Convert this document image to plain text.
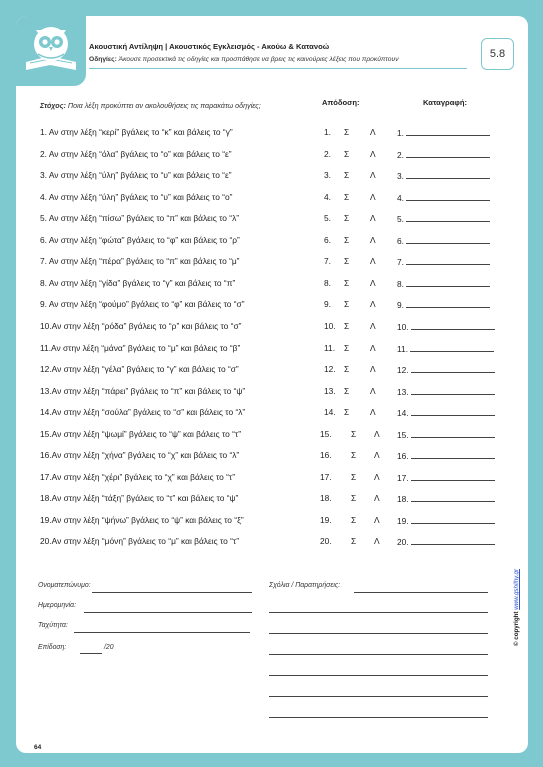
Ακουστική Αντίληψη | Ακουστικός Εγκλεισμός - Ακούω & Κατανοώ
Οδηγίες: Άκουσε προσεκτικά τις οδηγίες και προσπάθησε να βρεις τις καινούριες λέξεις που προκύπτουν	5.8
Στόχος: Ποια λέξη προκύπτει αν ακολουθήσεις τις παρακάτω οδηγίες;	Απόδοση:	Καταγραφή:
1. Αν στην λέξη “κερί” βγάλεις το “κ” και βάλεις το “γ”	1. Σ Λ	1.
2. Αν στην λέξη “όλα” βγάλεις το “ο” και βάλεις το “ε”	2. Σ Λ	2.
3. Αν στην λέξη “ύλη” βγάλεις το “υ” και βάλεις το “ε”	3. Σ Λ	3.
4. Αν στην λέξη “ύλη” βγάλεις το “υ” και βάλεις το “ο”	4. Σ Λ	4.
5. Αν στην λέξη “πίσω” βγάλεις το “π” και βάλεις το “λ”	5. Σ Λ	5.
6. Αν στην λέξη “φώτα” βγάλεις το “φ” και βάλεις το “ρ”	6. Σ Λ	6.
7. Αν στην λέξη “πέρα” βγάλεις το “π” και βάλεις το “μ”	7. Σ Λ	7.
8. Αν στην λέξη “γίδα” βγάλεις το “γ” και βάλεις το “π”	8. Σ Λ	8.
9. Αν στην λέξη “φούμο” βγάλεις το “φ” και βάλεις το “σ”	9. Σ Λ	9.
10.Αν στην λέξη “ρόδα” βγάλεις το “ρ” και βάλεις το “σ”	10. Σ Λ	10.
11.Αν στην λέξη “μάνα” βγάλεις το “μ” και βάλεις το “β”	11. Σ Λ	11.
12.Αν στην λέξη “γέλα” βγάλεις το “γ” και βάλεις το “σ”	12. Σ Λ	12.
13.Αν στην λέξη “πάρει” βγάλεις το “π” και βάλεις το “ψ”	13. Σ Λ	13.
14.Αν στην λέξη “σούλα” βγάλεις το “σ” και βάλεις το “λ”	14. Σ Λ	14.
15.Αν στην λέξη “ψωμί” βγάλεις το “ψ” και βάλεις το “τ”	15. Σ Λ 15.
16.Αν στην λέξη “χήνα” βγάλεις το “χ” και βάλεις το “λ”	16. Σ Λ 16.
17.Αν στην λέξη “χέρι” βγάλεις το “χ” και βάλεις το “τ”	17. Σ Λ 17.
18.Αν στην λέξη “τάξη” βγάλεις το “τ” και βάλεις το “ψ”	18. Σ Λ 18.
19.Αν στην λέξη “ψήνω” βγάλεις το “ψ” και βάλεις το “ξ”	19. Σ Λ 19.
20.Αν στην λέξη “μόνη” βγάλεις το “μ” και βάλεις το “τ”	20. Σ Λ 20.
Ονοματεπώνυμο:
Ημερομηνία:
Ταχύτητα:
Επίδοση:	/20
Σχόλια / Παρατηρήσεις:
64
© copyright www.gshllhy.gr
